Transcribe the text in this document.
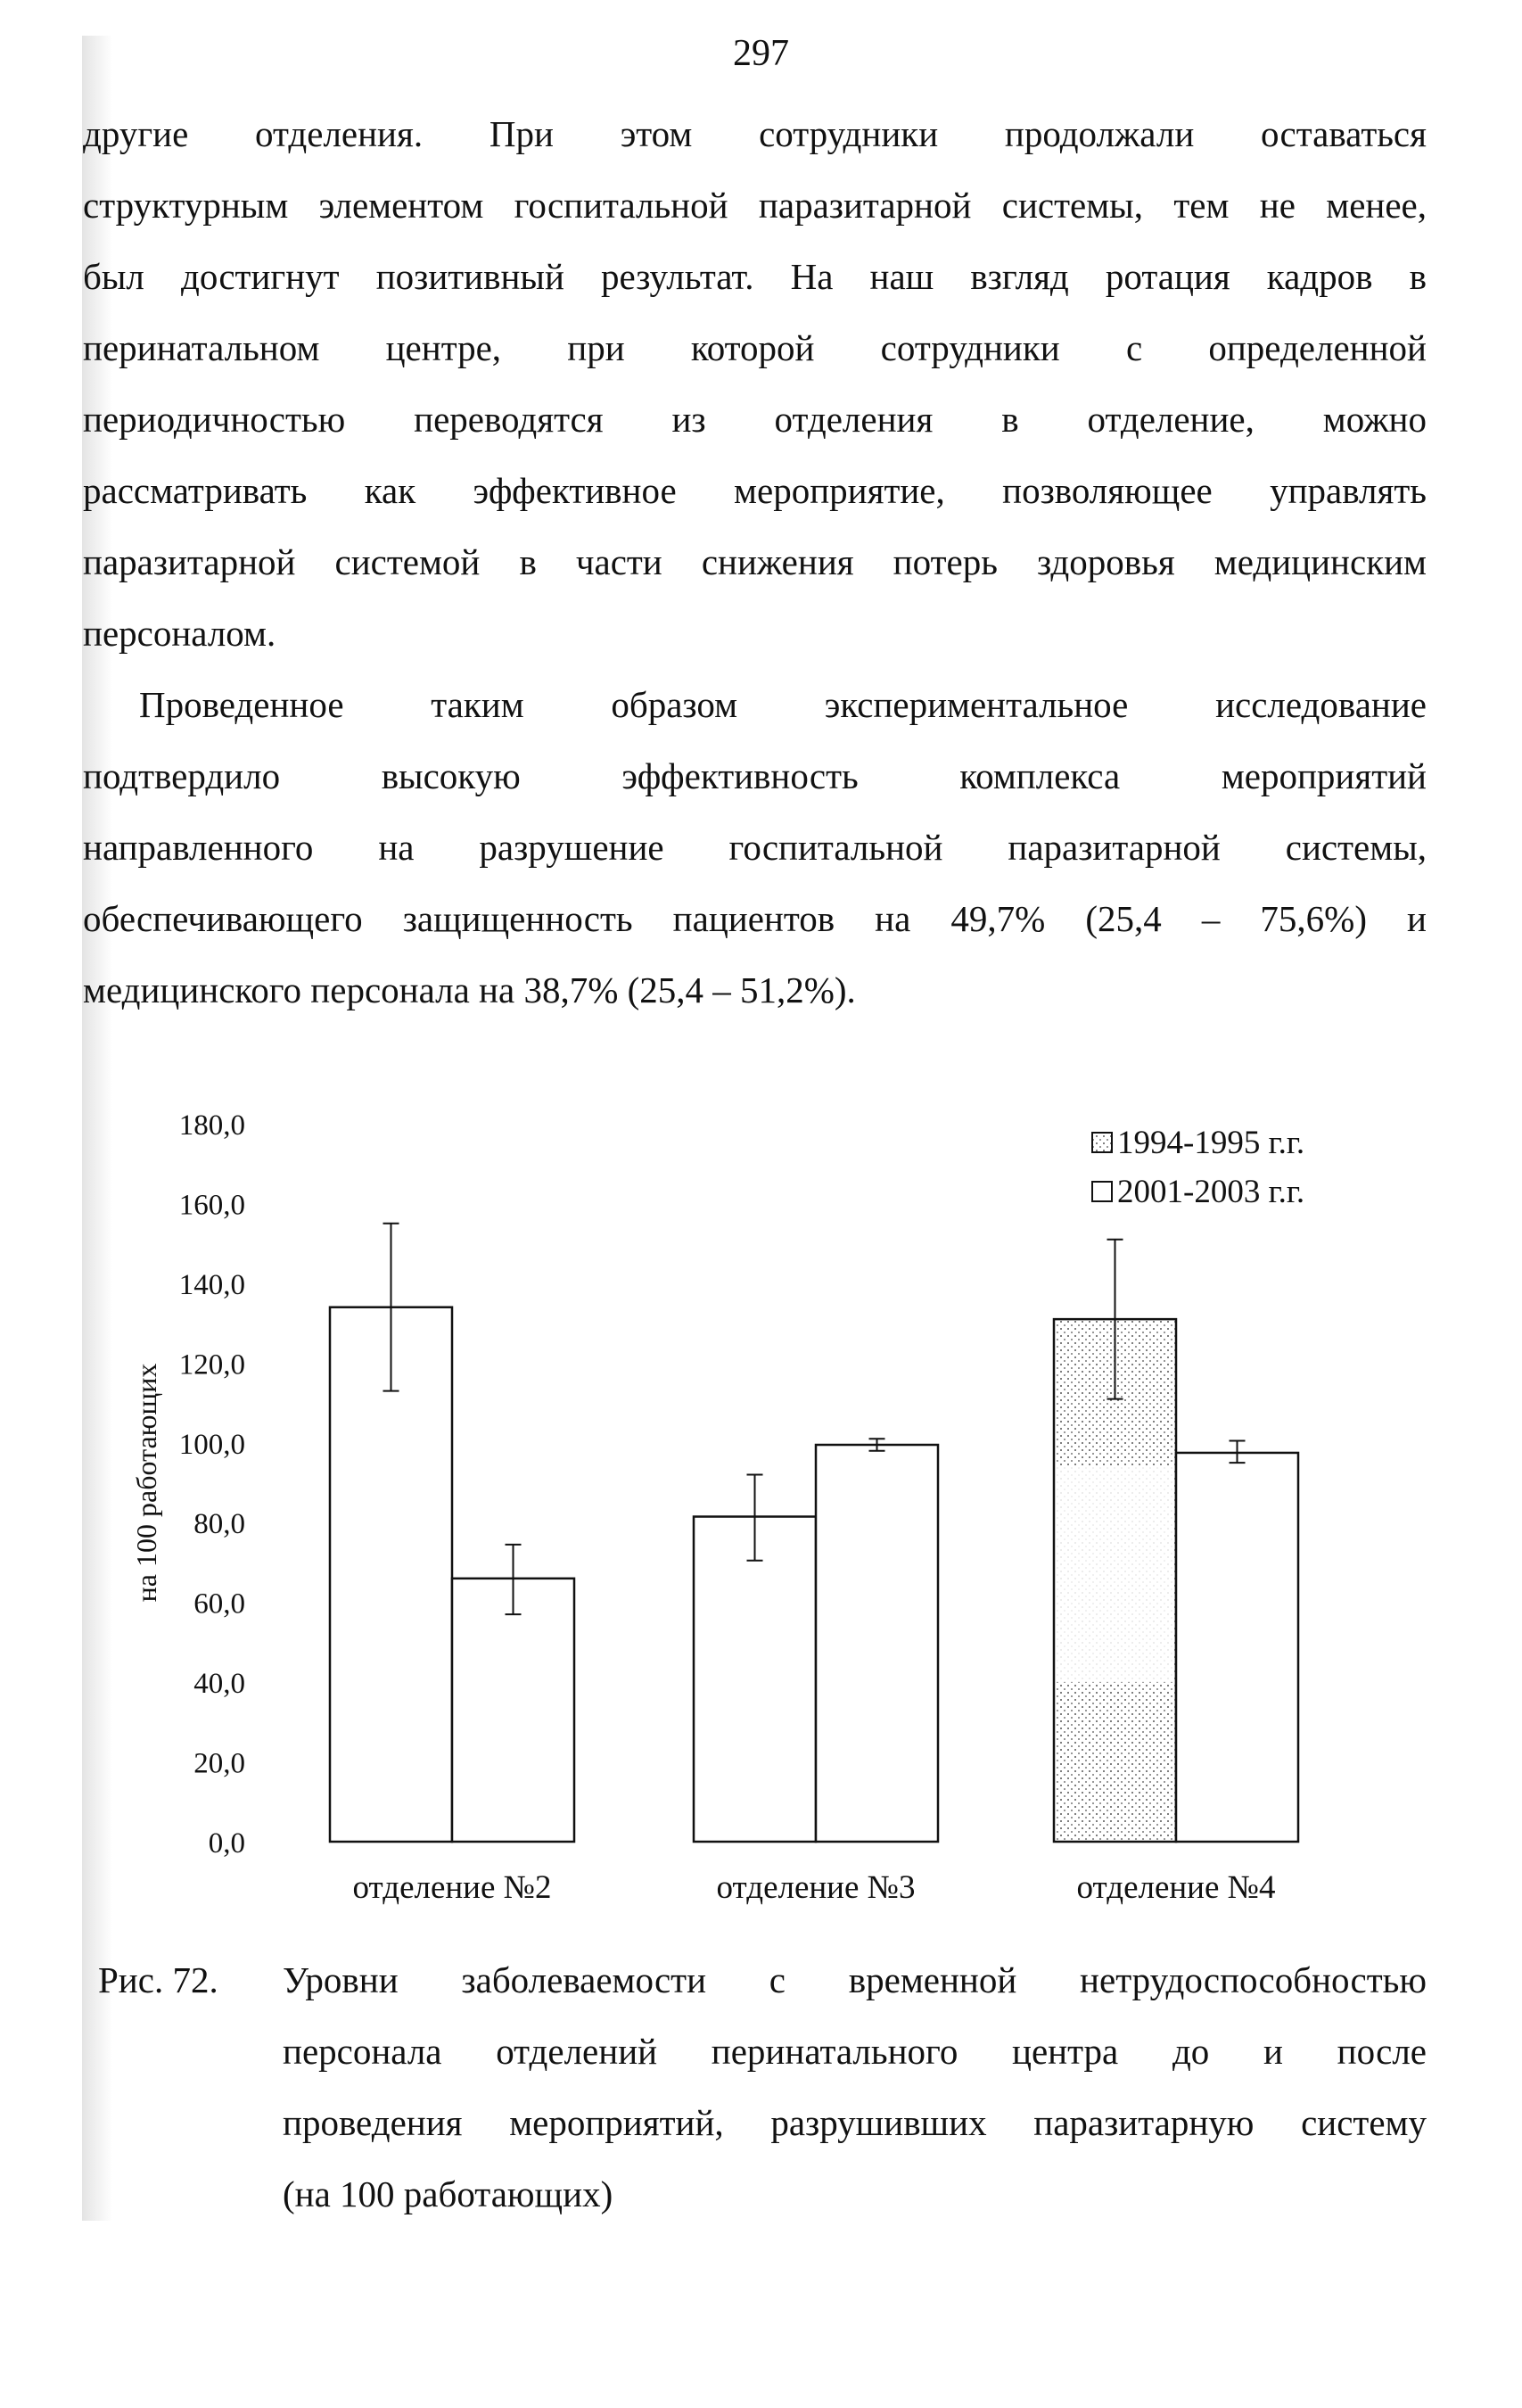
297
другие отделения. При этом сотрудники продолжали оставаться
структурным элементом госпитальной паразитарной системы, тем не менее,
был достигнут позитивный результат. На наш взгляд ротация кадров в
перинатальном центре, при которой сотрудники с определенной
периодичностью переводятся из отделения в отделение, можно
рассматривать как эффективное мероприятие, позволяющее управлять
паразитарной системой в части снижения потерь здоровья медицинским
персоналом.
Проведенное таким образом экспериментальное исследование
подтвердило высокую эффективность комплекса мероприятий
направленного на разрушение госпитальной паразитарной системы,
обеспечивающего защищенность пациентов на 49,7% (25,4 – 75,6%) и
медицинского персонала на 38,7% (25,4 – 51,2%).
0,0
20,0
40,0
60,0
80,0
100,0
120,0
140,0
160,0
180,0
на 100 работающих
отделение №2	отделение №3	отделение №4
1994-1995 г.г.
2001-2003 г.г.
Рис. 72. Уровни заболеваемости с временной нетрудоспособностью
персонала отделений перинатального центра до и после
проведения мероприятий, разрушивших паразитарную систему
(на 100 работающих)
